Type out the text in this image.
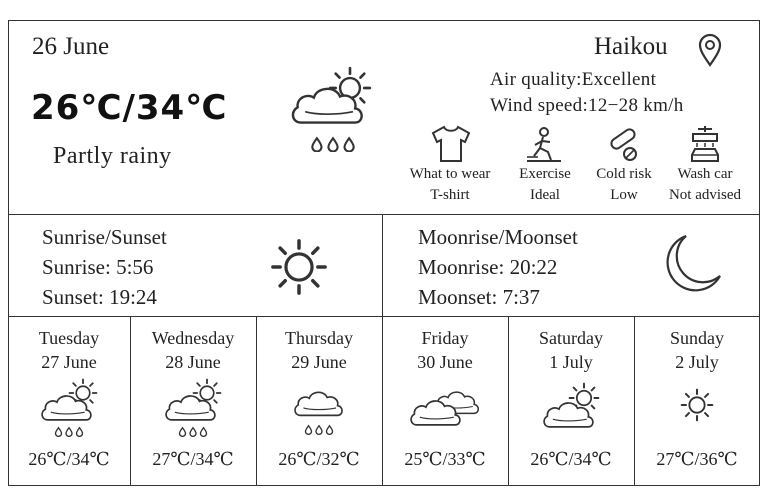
26 June
26℃/34℃
Partly rainy
Haikou
Air quality:Excellent
Wind speed:12−28 km/h
What to wear
T-shirt
Exercise
Ideal
Cold risk
Low
Wash car
Not advised
Sunrise/Sunset
Sunrise: 5:56
Sunset: 19:24
Moonrise/Moonset
Moonrise: 20:22
Moonset: 7:37
Tuesday
27 June
26℃/34℃
Wednesday
28 June
27℃/34℃
Thursday
29 June
26℃/32℃
Friday
30 June
25℃/33℃
Saturday
1 July
26℃/34℃
Sunday
2 July
27℃/36℃
